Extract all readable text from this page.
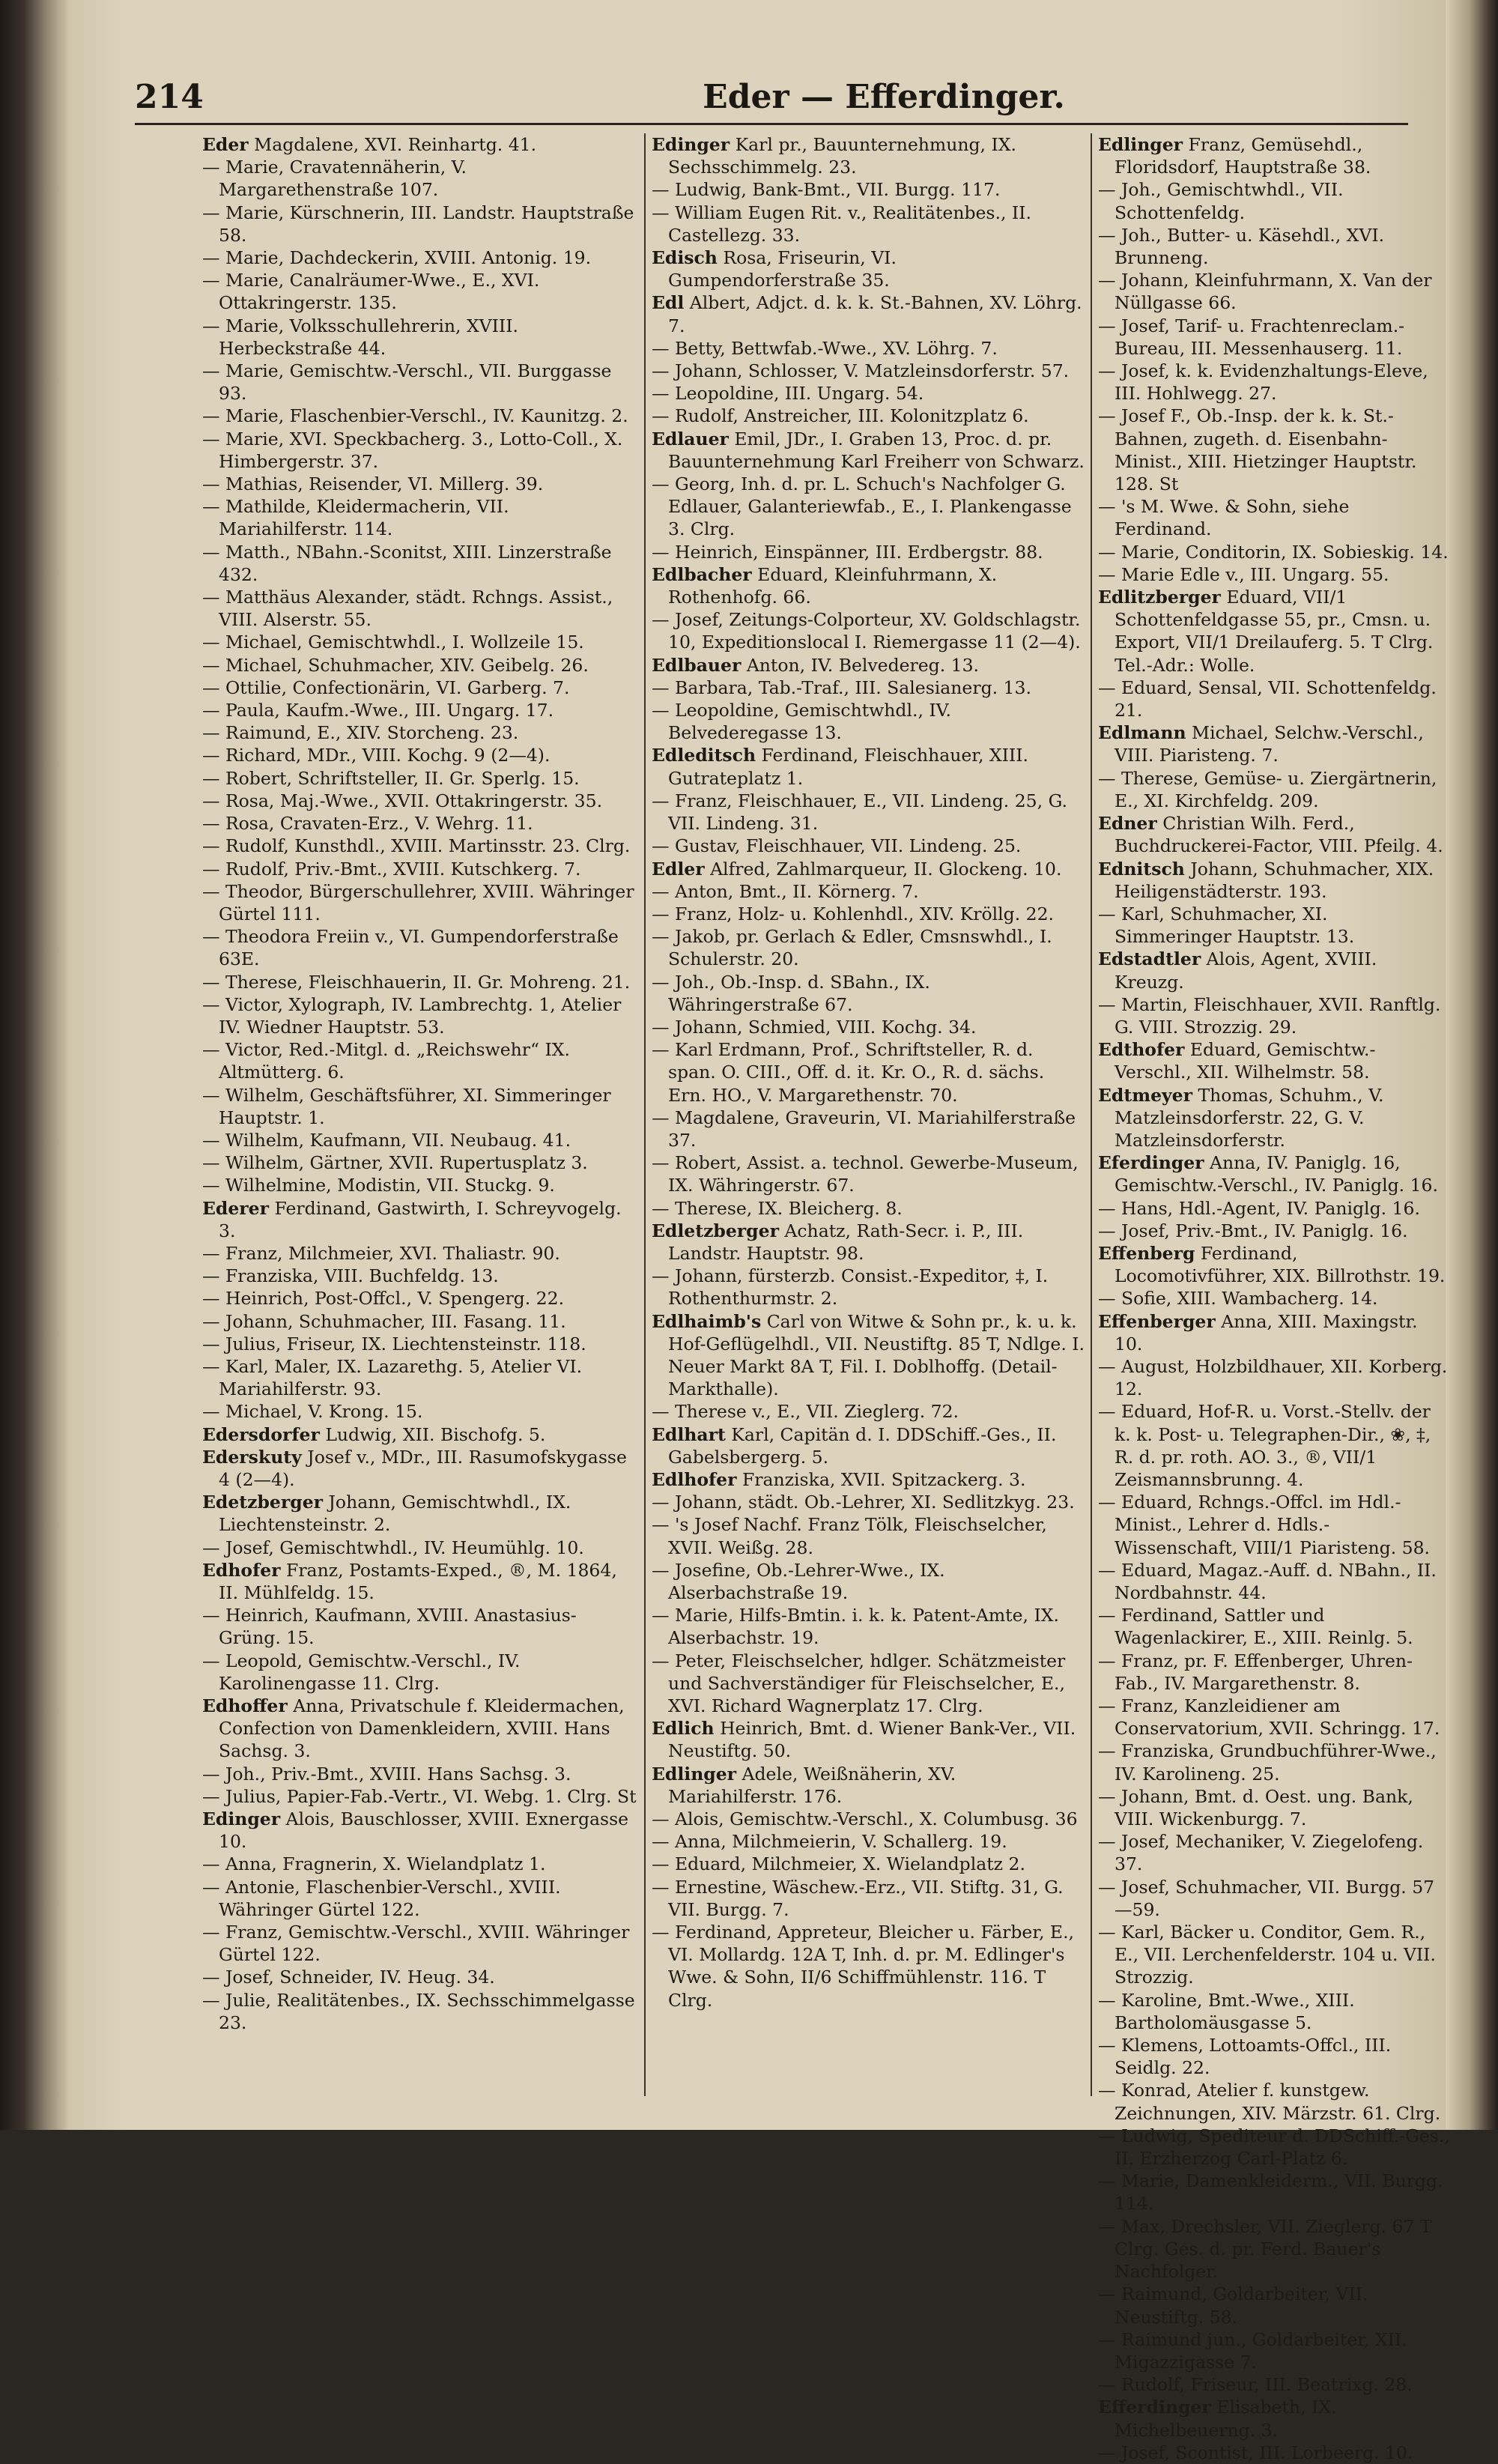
214	Eder — Efferdinger.

Eder Magdalene, XVI. Reinhartg. 41.

— Marie, Cravatennäherin, V. Margarethenstraße 107.

— Marie, Kürschnerin, III. Landstr. Hauptstraße 58.

— Marie, Dachdeckerin, XVIII. Antonig. 19.

— Marie, Canalräumer-Wwe., E., XVI. Ottakringerstr. 135.

— Marie, Volksschullehrerin, XVIII. Herbeckstraße 44.

— Marie, Gemischtw.-Verschl., VII. Burggasse 93.

— Marie, Flaschenbier-Verschl., IV. Kaunitzg. 2.

— Marie, XVI. Speckbacherg. 3., Lotto-Coll., X. Himbergerstr. 37.

— Mathias, Reisender, VI. Millerg. 39.

— Mathilde, Kleidermacherin, VII. Mariahilferstr. 114.

— Matth., NBahn.-Sconitst, XIII. Linzerstraße 432.

— Matthäus Alexander, städt. Rchngs. Assist., VIII. Alserstr. 55.

— Michael, Gemischtwhdl., I. Wollzeile 15.

— Michael, Schuhmacher, XIV. Geibelg. 26.

— Ottilie, Confectionärin, VI. Garberg. 7.

— Paula, Kaufm.-Wwe., III. Ungarg. 17.

— Raimund, E., XIV. Storcheng. 23.

— Richard, MDr., VIII. Kochg. 9 (2—4).

— Robert, Schriftsteller, II. Gr. Sperlg. 15.

— Rosa, Maj.-Wwe., XVII. Ottakringerstr. 35.

— Rosa, Cravaten-Erz., V. Wehrg. 11.

— Rudolf, Kunsthdl., XVIII. Martinsstr. 23. Clrg.

— Rudolf, Priv.-Bmt., XVIII. Kutschkerg. 7.

— Theodor, Bürgerschullehrer, XVIII. Währinger Gürtel 111.

— Theodora Freiin v., VI. Gumpendorferstraße 63E.

— Therese, Fleischhauerin, II. Gr. Mohreng. 21.

— Victor, Xylograph, IV. Lambrechtg. 1, Atelier IV. Wiedner Hauptstr. 53.

— Victor, Red.-Mitgl. d. „Reichswehr“ IX. Altmütterg. 6.

— Wilhelm, Geschäftsführer, XI. Simmeringer Hauptstr. 1.

— Wilhelm, Kaufmann, VII. Neubaug. 41.

— Wilhelm, Gärtner, XVII. Rupertusplatz 3.

— Wilhelmine, Modistin, VII. Stuckg. 9.

Ederer Ferdinand, Gastwirth, I. Schreyvogelg. 3.

— Franz, Milchmeier, XVI. Thaliastr. 90.

— Franziska, VIII. Buchfeldg. 13.

— Heinrich, Post-Offcl., V. Spengerg. 22.

— Johann, Schuhmacher, III. Fasang. 11.

— Julius, Friseur, IX. Liechtensteinstr. 118.

— Karl, Maler, IX. Lazarethg. 5, Atelier VI. Mariahilferstr. 93.

— Michael, V. Krong. 15.

Edersdorfer Ludwig, XII. Bischofg. 5.

Ederskuty Josef v., MDr., III. Rasumofskygasse 4 (2—4).

Edetzberger Johann, Gemischtwhdl., IX. Liechtensteinstr. 2.

— Josef, Gemischtwhdl., IV. Heumühlg. 10.

Edhofer Franz, Postamts-Exped., ®, M. 1864, II. Mühlfeldg. 15.

— Heinrich, Kaufmann, XVIII. Anastasius-Grüng. 15.

— Leopold, Gemischtw.-Verschl., IV. Karolinengasse 11. Clrg.

Edhoffer Anna, Privatschule f. Kleidermachen, Confection von Damenkleidern, XVIII. Hans Sachsg. 3.

— Joh., Priv.-Bmt., XVIII. Hans Sachsg. 3.

— Julius, Papier-Fab.-Vertr., VI. Webg. 1. Clrg. St

Edinger Alois, Bauschlosser, XVIII. Exnergasse 10.

— Anna, Fragnerin, X. Wielandplatz 1.

— Antonie, Flaschenbier-Verschl., XVIII. Währinger Gürtel 122.

— Franz, Gemischtw.-Verschl., XVIII. Währinger Gürtel 122.

— Josef, Schneider, IV. Heug. 34.

— Julie, Realitätenbes., IX. Sechsschimmelgasse 23.

Edinger Karl pr., Bauunternehmung, IX. Sechsschimmelg. 23.

— Ludwig, Bank-Bmt., VII. Burgg. 117.

— William Eugen Rit. v., Realitätenbes., II. Castellezg. 33.

Edisch Rosa, Friseurin, VI. Gumpendorferstraße 35.

Edl Albert, Adjct. d. k. k. St.-Bahnen, XV. Löhrg. 7.

— Betty, Bettwfab.-Wwe., XV. Löhrg. 7.

— Johann, Schlosser, V. Matzleinsdorferstr. 57.

— Leopoldine, III. Ungarg. 54.

— Rudolf, Anstreicher, III. Kolonitzplatz 6.

Edlauer Emil, JDr., I. Graben 13, Proc. d. pr. Bauunternehmung Karl Freiherr von Schwarz.

— Georg, Inh. d. pr. L. Schuch's Nachfolger G. Edlauer, Galanteriewfab., E., I. Plankengasse 3. Clrg.

— Heinrich, Einspänner, III. Erdbergstr. 88.

Edlbacher Eduard, Kleinfuhrmann, X. Rothenhofg. 66.

— Josef, Zeitungs-Colporteur, XV. Goldschlagstr. 10, Expeditionslocal I. Riemergasse 11 (2—4).

Edlbauer Anton, IV. Belvedereg. 13.

— Barbara, Tab.-Traf., III. Salesianerg. 13.

— Leopoldine, Gemischtwhdl., IV. Belvederegasse 13.

Edleditsch Ferdinand, Fleischhauer, XIII. Gutrateplatz 1.

— Franz, Fleischhauer, E., VII. Lindeng. 25, G. VII. Lindeng. 31.

— Gustav, Fleischhauer, VII. Lindeng. 25.

Edler Alfred, Zahlmarqueur, II. Glockeng. 10.

— Anton, Bmt., II. Körnerg. 7.

— Franz, Holz- u. Kohlenhdl., XIV. Kröllg. 22.

— Jakob, pr. Gerlach & Edler, Cmsnswhdl., I. Schulerstr. 20.

— Joh., Ob.-Insp. d. SBahn., IX. Währingerstraße 67.

— Johann, Schmied, VIII. Kochg. 34.

— Karl Erdmann, Prof., Schriftsteller, R. d. span. O. CIII., Off. d. it. Kr. O., R. d. sächs. Ern. HO., V. Margarethenstr. 70.

— Magdalene, Graveurin, VI. Mariahilferstraße 37.

— Robert, Assist. a. technol. Gewerbe-Museum, IX. Währingerstr. 67.

— Therese, IX. Bleicherg. 8.

Edletzberger Achatz, Rath-Secr. i. P., III. Landstr. Hauptstr. 98.

— Johann, fürsterzb. Consist.-Expeditor, ‡, I. Rothenthurmstr. 2.

Edlhaimb's Carl von Witwe & Sohn pr., k. u. k. Hof-Geflügelhdl., VII. Neustiftg. 85 T, Ndlge. I. Neuer Markt 8A T, Fil. I. Doblhoffg. (Detail-Markthalle).

— Therese v., E., VII. Zieglerg. 72.

Edlhart Karl, Capitän d. I. DDSchiff.-Ges., II. Gabelsbergerg. 5.

Edlhofer Franziska, XVII. Spitzackerg. 3.

— Johann, städt. Ob.-Lehrer, XI. Sedlitzkyg. 23.

— 's Josef Nachf. Franz Tölk, Fleischselcher, XVII. Weißg. 28.

— Josefine, Ob.-Lehrer-Wwe., IX. Alserbachstraße 19.

— Marie, Hilfs-Bmtin. i. k. k. Patent-Amte, IX. Alserbachstr. 19.

— Peter, Fleischselcher, hdlger. Schätzmeister und Sachverständiger für Fleischselcher, E., XVI. Richard Wagnerplatz 17. Clrg.

Edlich Heinrich, Bmt. d. Wiener Bank-Ver., VII. Neustiftg. 50.

Edlinger Adele, Weißnäherin, XV. Mariahilferstr. 176.

— Alois, Gemischtw.-Verschl., X. Columbusg. 36

— Anna, Milchmeierin, V. Schallerg. 19.

— Eduard, Milchmeier, X. Wielandplatz 2.

— Ernestine, Wäschew.-Erz., VII. Stiftg. 31, G. VII. Burgg. 7.

— Ferdinand, Appreteur, Bleicher u. Färber, E., VI. Mollardg. 12A T, Inh. d. pr. M. Edlinger's Wwe. & Sohn, II/6 Schiffmühlenstr. 116. T Clrg.

Edlinger Franz, Gemüsehdl., Floridsdorf, Hauptstraße 38.

— Joh., Gemischtwhdl., VII. Schottenfeldg.

— Joh., Butter- u. Käsehdl., XVI. Brunneng.

— Johann, Kleinfuhrmann, X. Van der Nüllgasse 66.

— Josef, Tarif- u. Frachtenreclam.-Bureau, III. Messenhauserg. 11.

— Josef, k. k. Evidenzhaltungs-Eleve, III. Hohlwegg. 27.

— Josef F., Ob.-Insp. der k. k. St.-Bahnen, zugeth. d. Eisenbahn-Minist., XIII. Hietzinger Hauptstr. 128. St

— 's M. Wwe. & Sohn, siehe Ferdinand.

— Marie, Conditorin, IX. Sobieskig. 14.

— Marie Edle v., III. Ungarg. 55.

Edlitzberger Eduard, VII/1 Schottenfeldgasse 55, pr., Cmsn. u. Export, VII/1 Dreilauferg. 5. T Clrg. Tel.-Adr.: Wolle.

— Eduard, Sensal, VII. Schottenfeldg. 21.

Edlmann Michael, Selchw.-Verschl., VIII. Piaristeng. 7.

— Therese, Gemüse- u. Ziergärtnerin, E., XI. Kirchfeldg. 209.

Edner Christian Wilh. Ferd., Buchdruckerei-Factor, VIII. Pfeilg. 4.

Ednitsch Johann, Schuhmacher, XIX. Heiligenstädterstr. 193.

— Karl, Schuhmacher, XI. Simmeringer Hauptstr. 13.

Edstadtler Alois, Agent, XVIII. Kreuzg.

— Martin, Fleischhauer, XVII. Ranftlg. G. VIII. Strozzig. 29.

Edthofer Eduard, Gemischtw.-Verschl., XII. Wilhelmstr. 58.

Edtmeyer Thomas, Schuhm., V. Matzleinsdorferstr. 22, G. V. Matzleinsdorferstr.

Eferdinger Anna, IV. Paniglg. 16, Gemischtw.-Verschl., IV. Paniglg. 16.

— Hans, Hdl.-Agent, IV. Paniglg. 16.

— Josef, Priv.-Bmt., IV. Paniglg. 16.

Effenberg Ferdinand, Locomotivführer, XIX. Billrothstr. 19.

— Sofie, XIII. Wambacherg. 14.

Effenberger Anna, XIII. Maxingstr. 10.

— August, Holzbildhauer, XII. Korberg. 12.

— Eduard, Hof-R. u. Vorst.-Stellv. der k. k. Post- u. Telegraphen-Dir., ❀, ‡, R. d. pr. roth. AO. 3., ®, VII/1 Zeismannsbrunng. 4.

— Eduard, Rchngs.-Offcl. im Hdl.-Minist., Lehrer d. Hdls.-Wissenschaft, VIII/1 Piaristeng. 58.

— Eduard, Magaz.-Auff. d. NBahn., II. Nordbahnstr. 44.

— Ferdinand, Sattler und Wagenlackirer, E., XIII. Reinlg. 5.

— Franz, pr. F. Effenberger, Uhren-Fab., IV. Margarethenstr. 8.

— Franz, Kanzleidiener am Conservatorium, XVII. Schringg. 17.

— Franziska, Grundbuchführer-Wwe., IV. Karolineng. 25.

— Johann, Bmt. d. Oest. ung. Bank, VIII. Wickenburgg. 7.

— Josef, Mechaniker, V. Ziegelofeng. 37.

— Josef, Schuhmacher, VII. Burgg. 57—59.

— Karl, Bäcker u. Conditor, Gem. R., E., VII. Lerchenfelderstr. 104 u. VII. Strozzig.

— Karoline, Bmt.-Wwe., XIII. Bartholomäusgasse 5.

— Klemens, Lottoamts-Offcl., III. Seidlg. 22.

— Konrad, Atelier f. kunstgew. Zeichnungen, XIV. Märzstr. 61. Clrg.

— Ludwig, Spediteur d. DDSchiff.-Ges., II. Erzherzog Carl-Platz 6.

— Marie, Damenkleiderm., VII. Burgg. 114.

— Max, Drechsler, VII. Zieglerg. 67 T Clrg. Ges. d. pr. Ferd. Bauer's Nachfolger.

— Raimund, Goldarbeiter, VII. Neustiftg. 58.

— Raimund jun., Goldarbeiter, XII. Migazzigasse 7.

— Rudolf, Friseur, III. Beatrixg. 28.

Efferdinger Elisabeth, IX. Michelbeuerng. 3.

— Josef, Scontist, III. Lorbeerg. 10.
